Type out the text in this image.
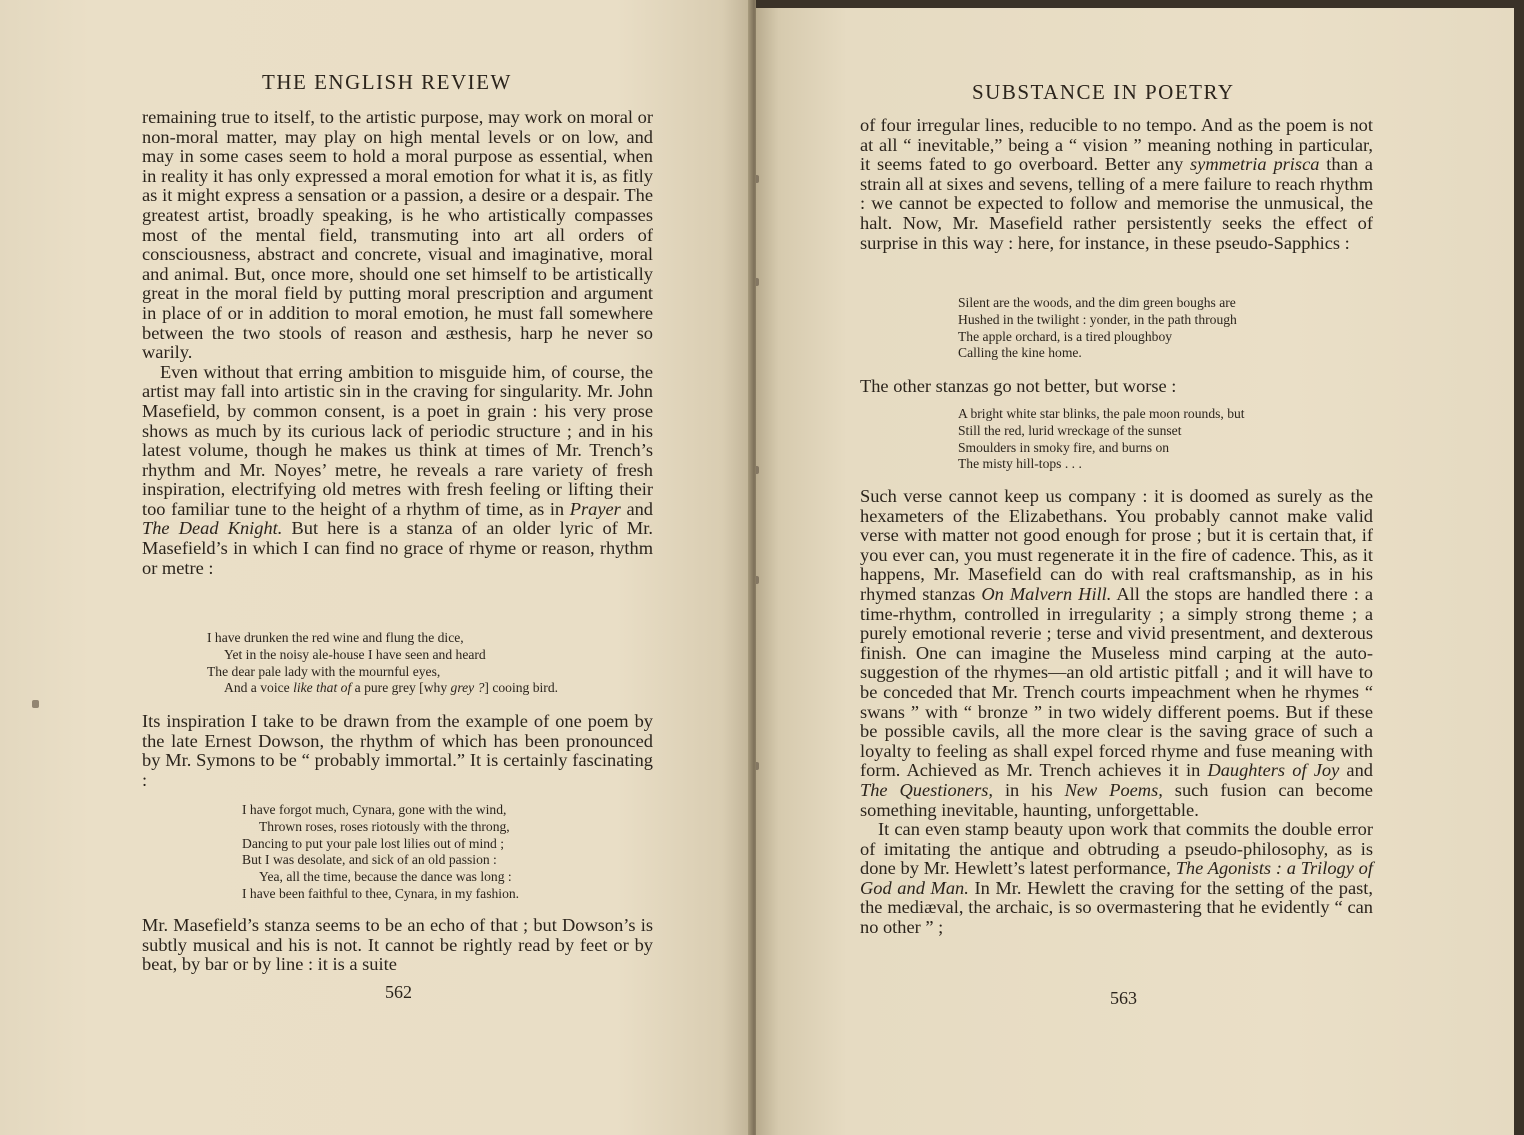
THE ENGLISH REVIEW

remaining true to itself, to the artistic purpose, may work on moral or non-moral matter, may play on high mental levels or on low, and may in some cases seem to hold a moral purpose as essential, when in reality it has only expressed a moral emotion for what it is, as fitly as it might express a sensation or a passion, a desire or a despair. The greatest artist, broadly speaking, is he who artistically compasses most of the mental field, transmuting into art all orders of consciousness, abstract and concrete, visual and imaginative, moral and animal. But, once more, should one set himself to be artistically great in the moral field by putting moral prescription and argument in place of or in addition to moral emotion, he must fall somewhere between the two stools of reason and æsthesis, harp he never so warily.

Even without that erring ambition to misguide him, of course, the artist may fall into artistic sin in the craving for singularity. Mr. John Masefield, by common consent, is a poet in grain : his very prose shows as much by its curious lack of periodic structure ; and in his latest volume, though he makes us think at times of Mr. Trench’s rhythm and Mr. Noyes’ metre, he reveals a rare variety of fresh inspiration, electrifying old metres with fresh feeling or lifting their too familiar tune to the height of a rhythm of time, as in Prayer and The Dead Knight. But here is a stanza of an older lyric of Mr. Masefield’s in which I can find no grace of rhyme or reason, rhythm or metre :

I have drunken the red wine and flung the dice,
Yet in the noisy ale-house I have seen and heard
The dear pale lady with the mournful eyes,
And a voice like that of a pure grey [why grey ?] cooing bird.

Its inspiration I take to be drawn from the example of one poem by the late Ernest Dowson, the rhythm of which has been pronounced by Mr. Symons to be “ probably immortal.” It is certainly fascinating :

I have forgot much, Cynara, gone with the wind,
Thrown roses, roses riotously with the throng,
Dancing to put your pale lost lilies out of mind ;
But I was desolate, and sick of an old passion :
Yea, all the time, because the dance was long :
I have been faithful to thee, Cynara, in my fashion.

Mr. Masefield’s stanza seems to be an echo of that ; but Dowson’s is subtly musical and his is not. It cannot be rightly read by feet or by beat, by bar or by line : it is a suite

562
SUBSTANCE IN POETRY

of four irregular lines, reducible to no tempo. And as the poem is not at all “ inevitable,” being a “ vision ” meaning nothing in particular, it seems fated to go overboard. Better any symmetria prisca than a strain all at sixes and sevens, telling of a mere failure to reach rhythm : we cannot be expected to follow and memorise the unmusical, the halt. Now, Mr. Masefield rather persistently seeks the effect of surprise in this way : here, for instance, in these pseudo-Sapphics :

Silent are the woods, and the dim green boughs are
Hushed in the twilight : yonder, in the path through
The apple orchard, is a tired ploughboy
Calling the kine home.

The other stanzas go not better, but worse :

A bright white star blinks, the pale moon rounds, but
Still the red, lurid wreckage of the sunset
Smoulders in smoky fire, and burns on
The misty hill-tops . . .

Such verse cannot keep us company : it is doomed as surely as the hexameters of the Elizabethans. You probably cannot make valid verse with matter not good enough for prose ; but it is certain that, if you ever can, you must regenerate it in the fire of cadence. This, as it happens, Mr. Masefield can do with real craftsmanship, as in his rhymed stanzas On Malvern Hill. All the stops are handled there : a time-rhythm, controlled in irregularity ; a simply strong theme ; a purely emotional reverie ; terse and vivid presentment, and dexterous finish. One can imagine the Museless mind carping at the auto-suggestion of the rhymes—an old artistic pitfall ; and it will have to be conceded that Mr. Trench courts impeachment when he rhymes “ swans ” with “ bronze ” in two widely different poems. But if these be possible cavils, all the more clear is the saving grace of such a loyalty to feeling as shall expel forced rhyme and fuse meaning with form. Achieved as Mr. Trench achieves it in Daughters of Joy and The Questioners, in his New Poems, such fusion can become something inevitable, haunting, unforgettable.

It can even stamp beauty upon work that commits the double error of imitating the antique and obtruding a pseudo-philosophy, as is done by Mr. Hewlett’s latest performance, The Agonists : a Trilogy of God and Man. In Mr. Hewlett the craving for the setting of the past, the mediæval, the archaic, is so overmastering that he evidently “ can no other ” ;

563
